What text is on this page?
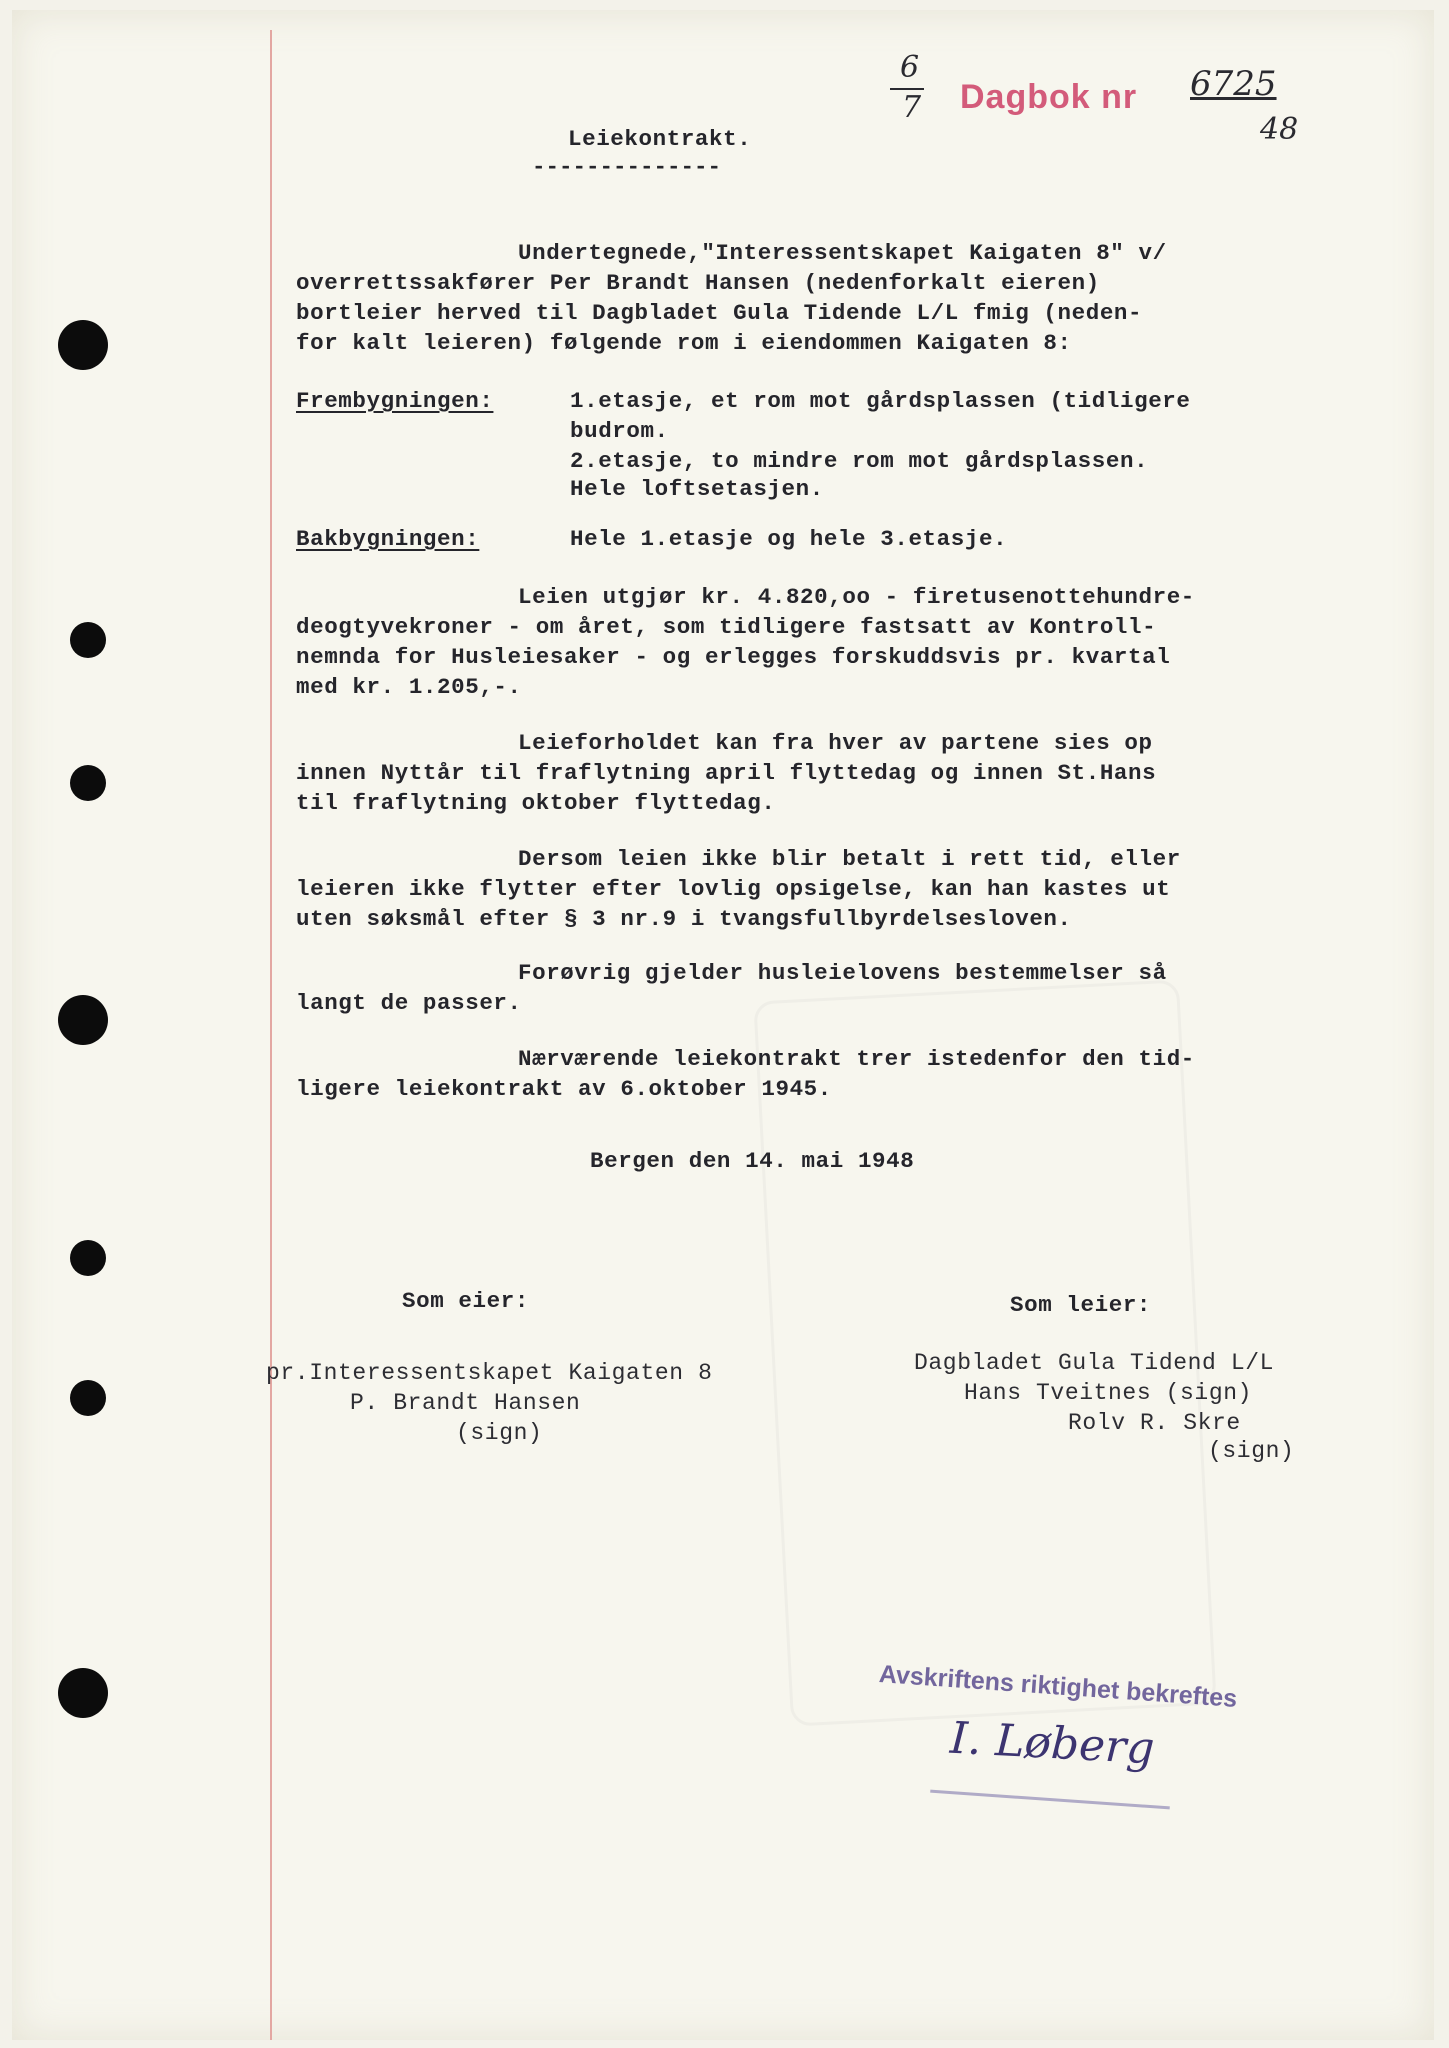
6
7 Dagbok nr 6725
48
Leiekontrakt.
--------------
Undertegnede,"Interessentskapet Kaigaten 8" v/
overrettssakfører Per Brandt Hansen (nedenforkalt eieren)
bortleier herved til Dagbladet Gula Tidende L/L fmig (neden-
for kalt leieren) følgende rom i eiendommen Kaigaten 8:
Frembygningen:	1.etasje, et rom mot gårdsplassen (tidligere
budrom.
2.etasje, to mindre rom mot gårdsplassen.
Hele loftsetasjen.
Bakbygningen:	Hele 1.etasje og hele 3.etasje.
Leien utgjør kr. 4.820,oo - firetusenottehundre-
deogtyvekroner - om året, som tidligere fastsatt av Kontroll-
nemnda for Husleiesaker - og erlegges forskuddsvis pr. kvartal
med kr. 1.205,-.
Leieforholdet kan fra hver av partene sies op
innen Nyttår til fraflytning april flyttedag og innen St.Hans
til fraflytning oktober flyttedag.
Dersom leien ikke blir betalt i rett tid, eller
leieren ikke flytter efter lovlig opsigelse, kan han kastes ut
uten søksmål efter § 3 nr.9 i tvangsfullbyrdelsesloven.
Forøvrig gjelder husleielovens bestemmelser så
langt de passer.
Nærværende leiekontrakt trer istedenfor den tid-
ligere leiekontrakt av 6.oktober 1945.
Bergen den 14. mai 1948
Som eier:	Som leier:
pr.Interessentskapet Kaigaten 8
P. Brandt Hansen
(sign)
Dagbladet Gula Tidend L/L
Hans Tveitnes (sign)
Rolv R. Skre
(sign)
Avskriftens riktighet bekreftes
I. Løberg
